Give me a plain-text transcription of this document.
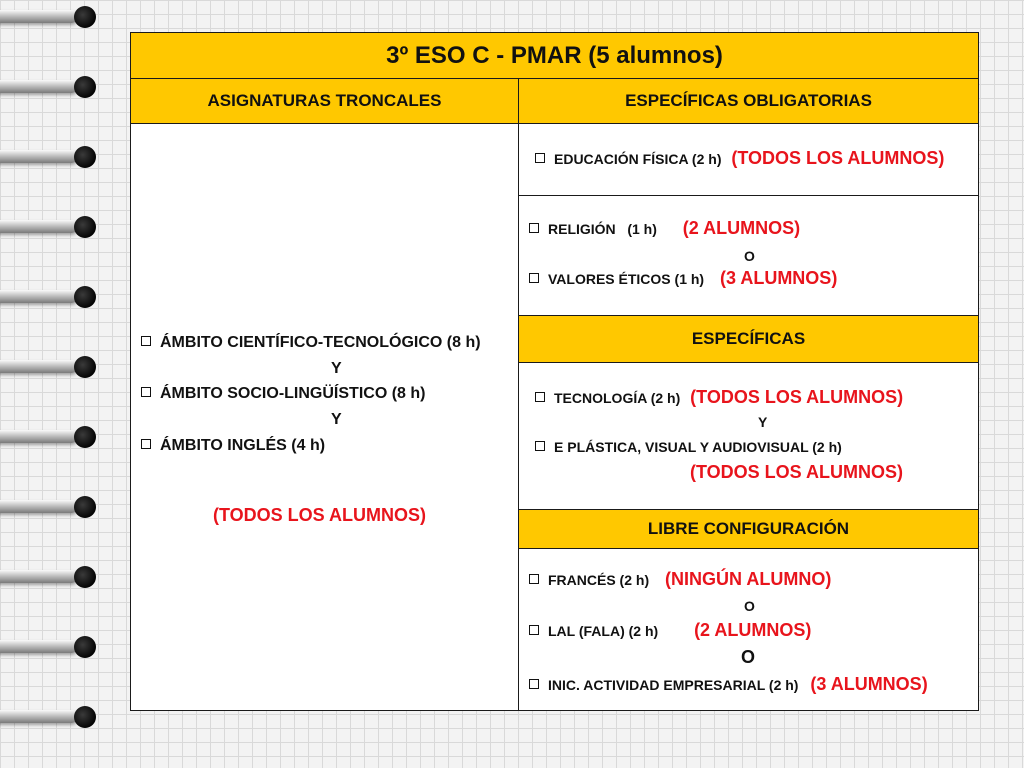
3º ESO C - PMAR (5 alumnos)
ASIGNATURAS TRONCALES	ESPECÍFICAS OBLIGATORIAS
ÁMBITO CIENTÍFICO-TECNOLÓGICO (8 h)
Y
ÁMBITO SOCIO-LINGÜÍSTICO (8 h)
Y
ÁMBITO INGLÉS (4 h)
(TODOS LOS ALUMNOS)
EDUCACIÓN FÍSICA (2 h) (TODOS LOS ALUMNOS)
RELIGIÓN   (1 h) (2 ALUMNOS)
O
VALORES ÉTICOS (1 h) (3 ALUMNOS)
ESPECÍFICAS
TECNOLOGÍA (2 h) (TODOS LOS ALUMNOS)
Y
E PLÁSTICA, VISUAL Y AUDIOVISUAL (2 h)
(TODOS LOS ALUMNOS)
LIBRE CONFIGURACIÓN
FRANCÉS (2 h) (NINGÚN ALUMNO)
O
LAL (FALA) (2 h) (2 ALUMNOS)
O
INIC. ACTIVIDAD EMPRESARIAL (2 h) (3 ALUMNOS)
